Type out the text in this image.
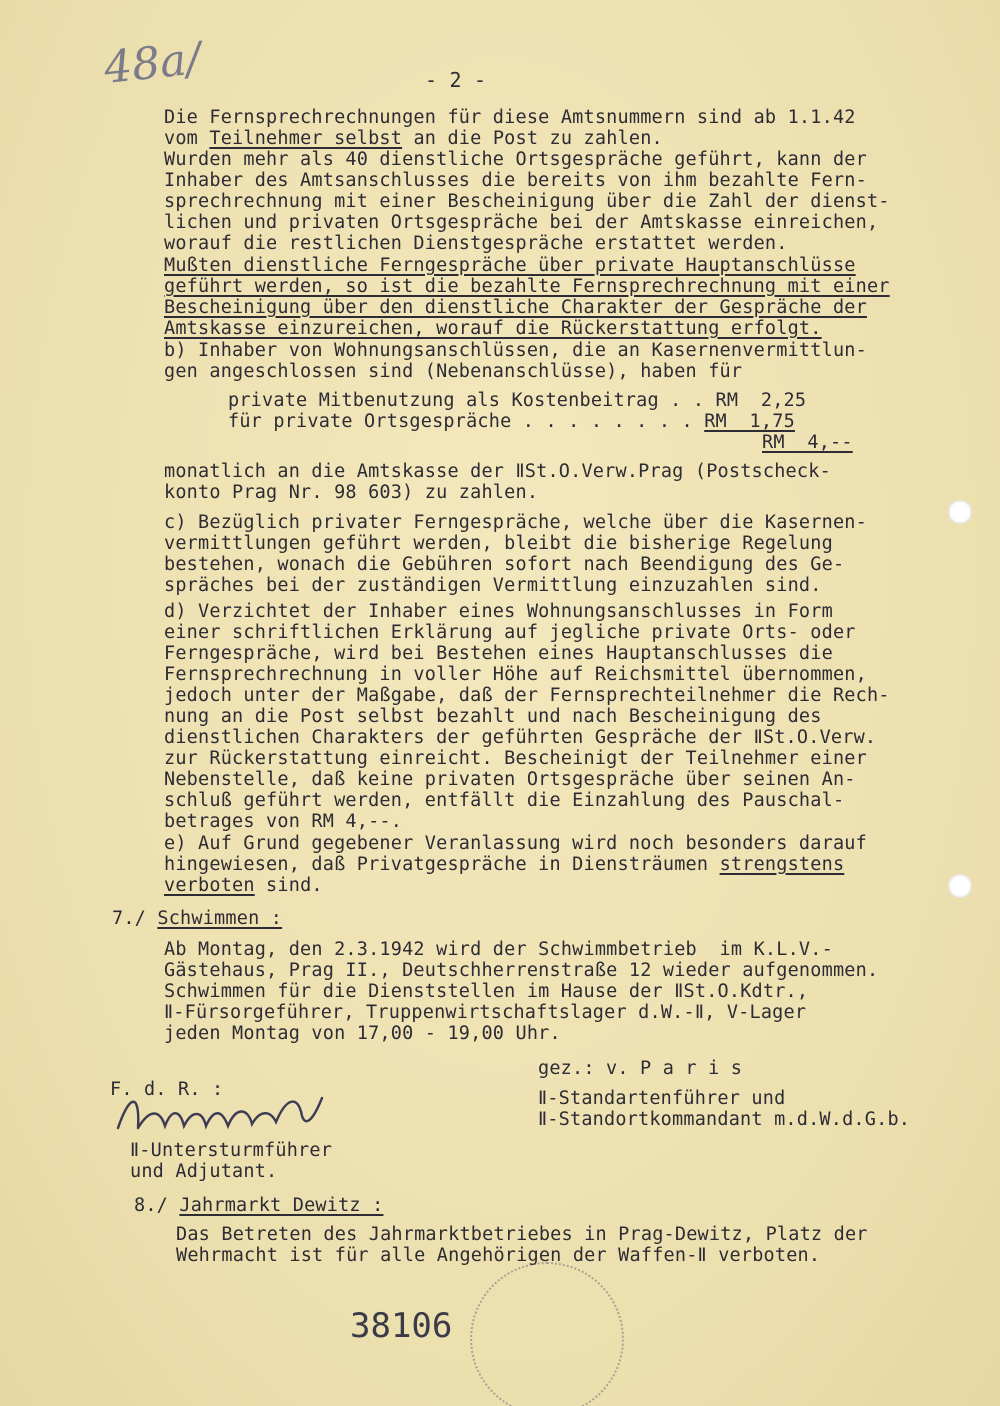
48a/	- 2 -
Die Fernsprechrechnungen für diese Amtsnummern sind ab 1.1.42
vom Teilnehmer selbst an die Post zu zahlen.
Wurden mehr als 40 dienstliche Ortsgespräche geführt, kann der
Inhaber des Amtsanschlusses die bereits von ihm bezahlte Fern-
sprechrechnung mit einer Bescheinigung über die Zahl der dienst-
lichen und privaten Ortsgespräche bei der Amtskasse einreichen,
worauf die restlichen Dienstgespräche erstattet werden.
Mußten dienstliche Ferngespräche über private Hauptanschlüsse
geführt werden, so ist die bezahlte Fernsprechrechnung mit einer
Bescheinigung über den dienstliche Charakter der Gespräche der
Amtskasse einzureichen, worauf die Rückerstattung erfolgt.
b) Inhaber von Wohnungsanschlüssen, die an Kasernenvermittlun-
gen angeschlossen sind (Nebenanschlüsse), haben für
private Mitbenutzung als Kostenbeitrag . . RM  2,25
für private Ortsgespräche . . . . . . . . RM  1,75
RM  4,--
monatlich an die Amtskasse der ⅡSt.O.Verw.Prag (Postscheck-
konto Prag Nr. 98 603) zu zahlen.
c) Bezüglich privater Ferngespräche, welche über die Kasernen-
vermittlungen geführt werden, bleibt die bisherige Regelung
bestehen, wonach die Gebühren sofort nach Beendigung des Ge-
spräches bei der zuständigen Vermittlung einzuzahlen sind.
d) Verzichtet der Inhaber eines Wohnungsanschlusses in Form
einer schriftlichen Erklärung auf jegliche private Orts- oder
Ferngespräche, wird bei Bestehen eines Hauptanschlusses die
Fernsprechrechnung in voller Höhe auf Reichsmittel übernommen,
jedoch unter der Maßgabe, daß der Fernsprechteilnehmer die Rech-
nung an die Post selbst bezahlt und nach Bescheinigung des
dienstlichen Charakters der geführten Gespräche der ⅡSt.O.Verw.
zur Rückerstattung einreicht. Bescheinigt der Teilnehmer einer
Nebenstelle, daß keine privaten Ortsgespräche über seinen An-
schluß geführt werden, entfällt die Einzahlung des Pauschal-
betrages von RM 4,--.
e) Auf Grund gegebener Veranlassung wird noch besonders darauf
hingewiesen, daß Privatgespräche in Diensträumen strengstens
verboten sind.
7./ Schwimmen :
Ab Montag, den 2.3.1942 wird der Schwimmbetrieb  im K.L.V.-
Gästehaus, Prag II., Deutschherrenstraße 12 wieder aufgenommen.
Schwimmen für die Dienststellen im Hause der ⅡSt.O.Kdtr.,
Ⅱ-Fürsorgeführer, Truppenwirtschaftslager d.W.-Ⅱ, V-Lager
jeden Montag von 17,00 - 19,00 Uhr.
gez.: v. P a r i s
Ⅱ-Standartenführer und
F. d. R. :
Ⅱ-Standortkommandant m.d.W.d.G.b.
Ⅱ-Untersturmführer
und Adjutant.
8./ Jahrmarkt Dewitz :
Das Betreten des Jahrmarktbetriebes in Prag-Dewitz, Platz der
Wehrmacht ist für alle Angehörigen der Waffen-Ⅱ verboten.
38106
